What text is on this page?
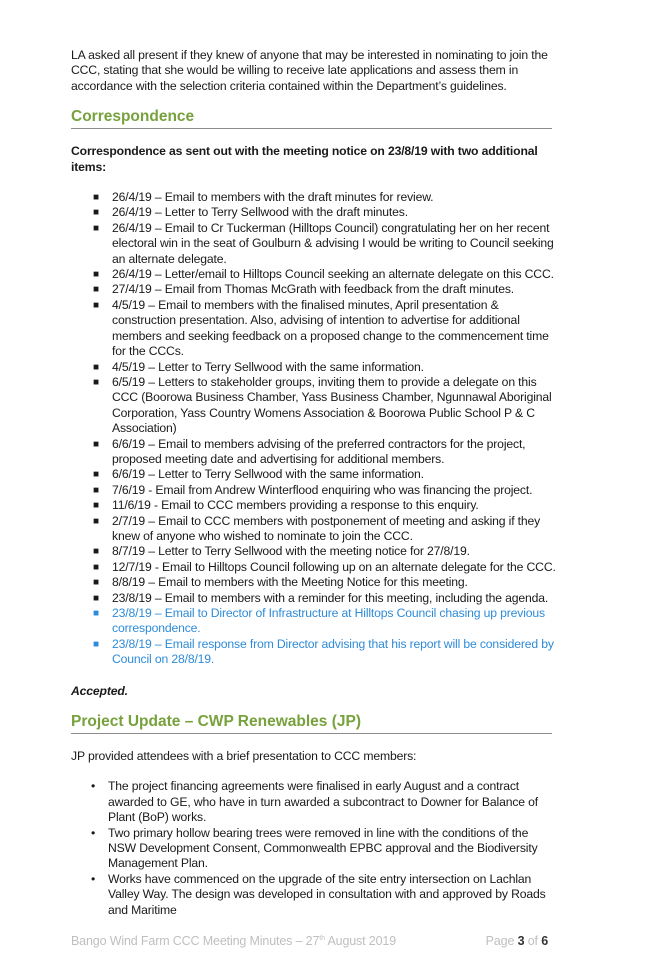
LA asked all present if they knew of anyone that may be interested in nominating to join the CCC, stating that she would be willing to receive late applications and assess them in accordance with the selection criteria contained within the Department’s guidelines.

Correspondence

Correspondence as sent out with the meeting notice on 23/8/19 with two additional items:

■ 26/4/19 – Email to members with the draft minutes for review.
■ 26/4/19 – Letter to Terry Sellwood with the draft minutes.
■ 26/4/19 – Email to Cr Tuckerman (Hilltops Council) congratulating her on her recent electoral win in the seat of Goulburn & advising I would be writing to Council seeking an alternate delegate.
■ 26/4/19 – Letter/email to Hilltops Council seeking an alternate delegate on this CCC.
■ 27/4/19 – Email from Thomas McGrath with feedback from the draft minutes.
■ 4/5/19 – Email to members with the finalised minutes, April presentation & construction presentation. Also, advising of intention to advertise for additional members and seeking feedback on a proposed change to the commencement time for the CCCs.
■ 4/5/19 – Letter to Terry Sellwood with the same information.
■ 6/5/19 – Letters to stakeholder groups, inviting them to provide a delegate on this CCC (Boorowa Business Chamber, Yass Business Chamber, Ngunnawal Aboriginal Corporation, Yass Country Womens Association & Boorowa Public School P & C Association)
■ 6/6/19 – Email to members advising of the preferred contractors for the project, proposed meeting date and advertising for additional members.
■ 6/6/19 – Letter to Terry Sellwood with the same information.
■ 7/6/19 - Email from Andrew Winterflood enquiring who was financing the project.
■ 11/6/19 - Email to CCC members providing a response to this enquiry.
■ 2/7/19 – Email to CCC members with postponement of meeting and asking if they knew of anyone who wished to nominate to join the CCC.
■ 8/7/19 – Letter to Terry Sellwood with the meeting notice for 27/8/19.
■ 12/7/19 - Email to Hilltops Council following up on an alternate delegate for the CCC.
■ 8/8/19 – Email to members with the Meeting Notice for this meeting.
■ 23/8/19 – Email to members with a reminder for this meeting, including the agenda.
■ 23/8/19 – Email to Director of Infrastructure at Hilltops Council chasing up previous correspondence.
■ 23/8/19 – Email response from Director advising that his report will be considered by Council on 28/8/19.

Accepted.

Project Update – CWP Renewables (JP)

JP provided attendees with a brief presentation to CCC members:

• The project financing agreements were finalised in early August and a contract awarded to GE, who have in turn awarded a subcontract to Downer for Balance of Plant (BoP) works.
• Two primary hollow bearing trees were removed in line with the conditions of the NSW Development Consent, Commonwealth EPBC approval and the Biodiversity Management Plan.
• Works have commenced on the upgrade of the site entry intersection on Lachlan Valley Way. The design was developed in consultation with and approved by Roads and Maritime
Bango Wind Farm CCC Meeting Minutes – 27th August 2019	Page 3 of 6
